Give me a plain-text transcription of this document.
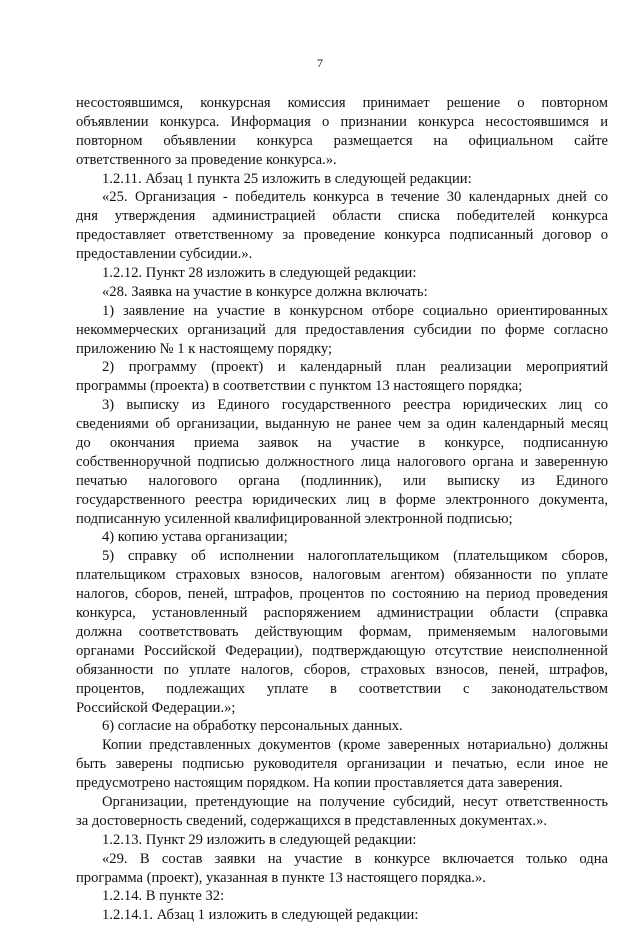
7
несостоявшимся, конкурсная комиссия принимает решение о повторном
объявлении конкурса. Информация о признании конкурса несостоявшимся и
повторном объявлении конкурса размещается на официальном сайте
ответственного за проведение конкурса.».
1.2.11. Абзац 1 пункта 25 изложить в следующей редакции:
«25. Организация - победитель конкурса в течение 30 календарных дней со
дня утверждения администрацией области списка победителей конкурса
предоставляет ответственному за проведение конкурса подписанный договор о
предоставлении субсидии.».
1.2.12. Пункт 28 изложить в следующей редакции:
«28. Заявка на участие в конкурсе должна включать:
1) заявление на участие в конкурсном отборе социально ориентированных
некоммерческих организаций для предоставления субсидии по форме согласно
приложению № 1 к настоящему порядку;
2) программу (проект) и календарный план реализации мероприятий
программы (проекта) в соответствии с пунктом 13 настоящего порядка;
3) выписку из Единого государственного реестра юридических лиц со
сведениями об организации, выданную не ранее чем за один календарный месяц
до окончания приема заявок на участие в конкурсе, подписанную
собственноручной подписью должностного лица налогового органа и заверенную
печатью налогового органа (подлинник), или выписку из Единого
государственного реестра юридических лиц в форме электронного документа,
подписанную усиленной квалифицированной электронной подписью;
4) копию устава организации;
5) справку об исполнении налогоплательщиком (плательщиком сборов,
плательщиком страховых взносов, налоговым агентом) обязанности по уплате
налогов, сборов, пеней, штрафов, процентов по состоянию на период проведения
конкурса, установленный распоряжением администрации области (справка
должна соответствовать действующим формам, применяемым налоговыми
органами Российской Федерации), подтверждающую отсутствие неисполненной
обязанности по уплате налогов, сборов, страховых взносов, пеней, штрафов,
процентов, подлежащих уплате в соответствии с законодательством
Российской Федерации.»;
6) согласие на обработку персональных данных.
Копии представленных документов (кроме заверенных нотариально) должны
быть заверены подписью руководителя организации и печатью, если иное не
предусмотрено настоящим порядком. На копии проставляется дата заверения.
Организации, претендующие на получение субсидий, несут ответственность
за достоверность сведений, содержащихся в представленных документах.».
1.2.13. Пункт 29 изложить в следующей редакции:
«29. В состав заявки на участие в конкурсе включается только одна
программа (проект), указанная в пункте 13 настоящего порядка.».
1.2.14. В пункте 32:
1.2.14.1. Абзац 1 изложить в следующей редакции:
